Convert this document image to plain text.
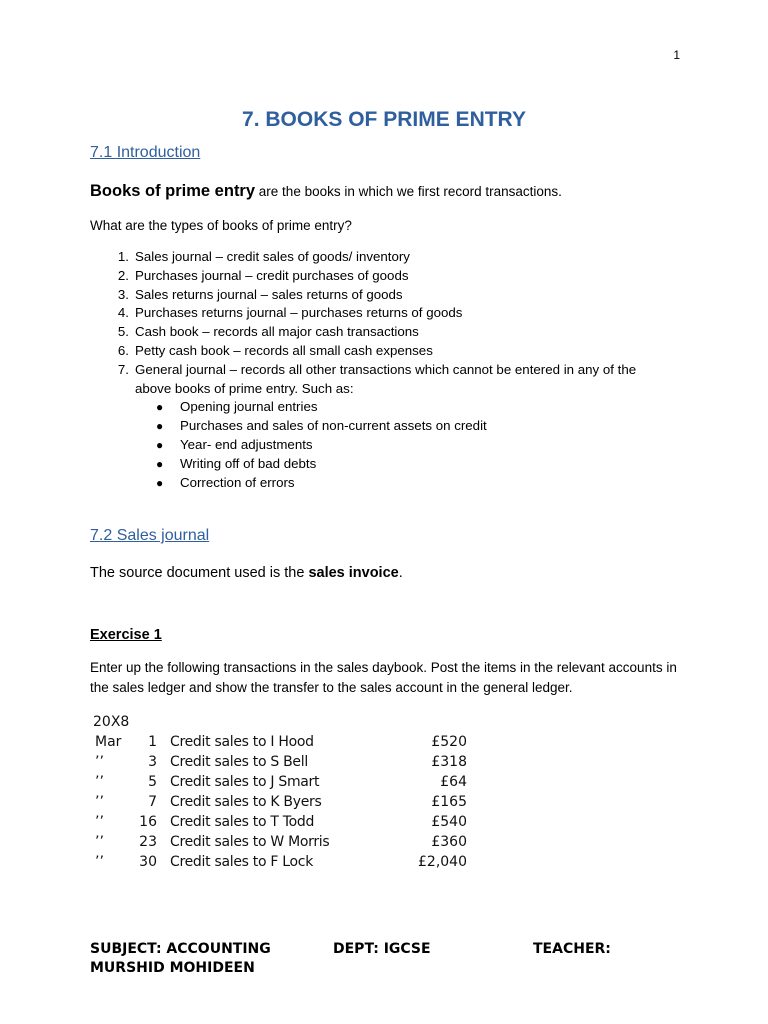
1
7. BOOKS OF PRIME ENTRY
7.1 Introduction

Books of prime entry are the books in which we first record transactions.

What are the types of books of prime entry?

1. Sales journal – credit sales of goods/ inventory
2. Purchases journal – credit purchases of goods
3. Sales returns journal – sales returns of goods
4. Purchases returns journal – purchases returns of goods
5. Cash book – records all major cash transactions
6. Petty cash book – records all small cash expenses
7. General journal – records all other transactions which cannot be entered in any of the above books of prime entry. Such as:
● Opening journal entries
● Purchases and sales of non-current assets on credit
● Year- end adjustments
● Writing off of bad debts
● Correction of errors
7.2 Sales journal

The source document used is the sales invoice.

Exercise 1

Enter up the following transactions in the sales daybook. Post the items in the relevant accounts in the sales ledger and show the transfer to the sales account in the general ledger.

20X8
Mar	1 Credit sales to I Hood	£520
’’	3 Credit sales to S Bell	£318
’’	5 Credit sales to J Smart	£64
’’	7 Credit sales to K Byers	£165
’’	16 Credit sales to T Todd	£540
’’	23 Credit sales to W Morris	£360
’’	30 Credit sales to F Lock	£2,040
SUBJECT: ACCOUNTING	DEPT: IGCSE	TEACHER:
MURSHID MOHIDEEN
